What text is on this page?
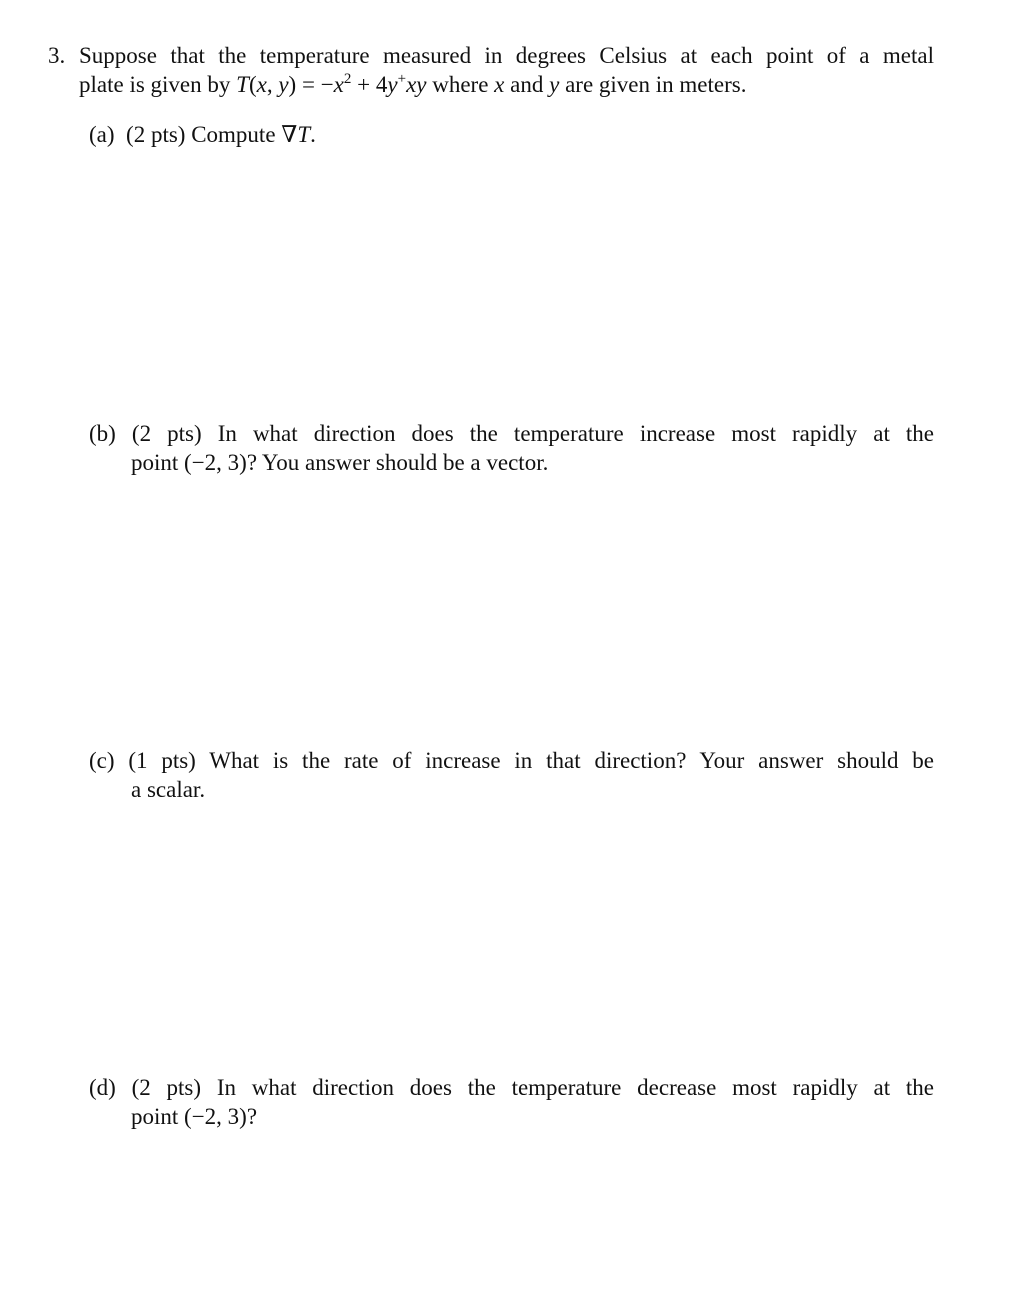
3. Suppose that the temperature measured in degrees Celsius at each point of a metal
plate is given by T(x, $y) = -x^2 + 4y^+xy$ where x and y are given in meters.
(a) (2 pts) Compute ∇T.
(b) (2 pts) In what direction does the temperature increase most rapidly at the
point (−2, 3)? You answer should be a vector.
(c) (1 pts) What is the rate of increase in that direction? Your answer should be
a scalar.
(d) (2 pts) In what direction does the temperature decrease most rapidly at the
point (−2, 3)?
